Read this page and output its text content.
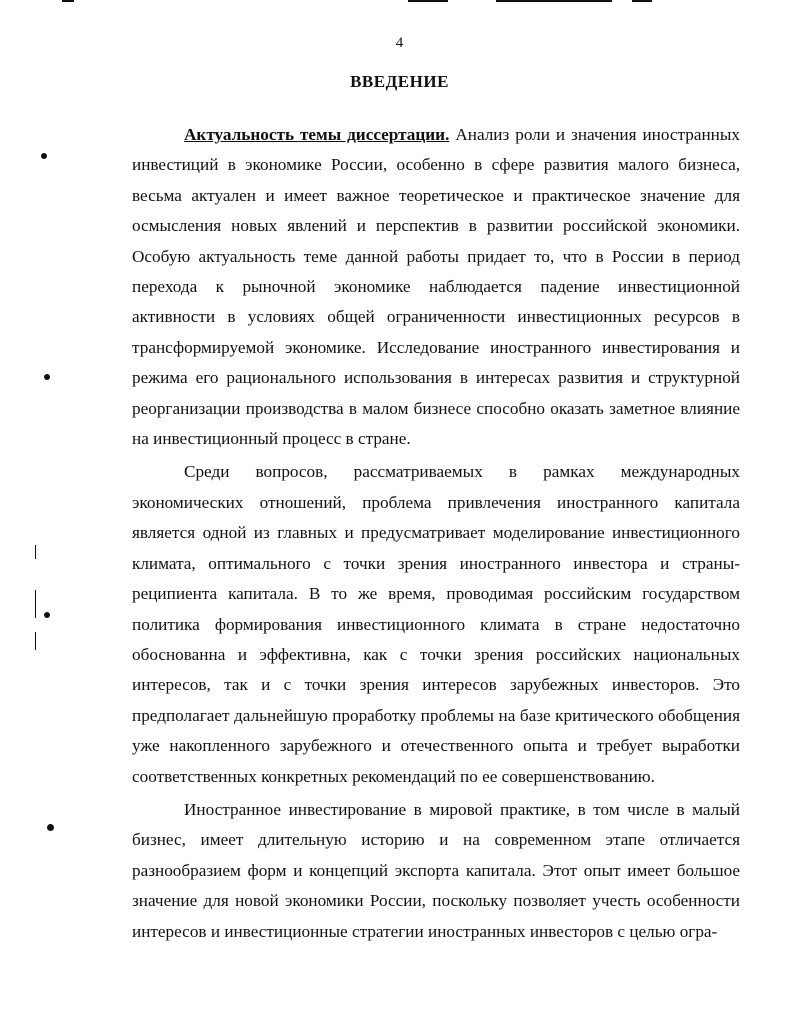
4
ВВЕДЕНИЕ

Актуальность темы диссертации. Анализ роли и значения иностранных инвестиций в экономике России, особенно в сфере развития малого бизнеса, весьма актуален и имеет важное теоретическое и практическое значение для осмысления новых явлений и перспектив в развитии российской экономики. Особую актуальность теме данной работы придает то, что в России в период перехода к рыночной экономике наблюдается падение инвестиционной активности в условиях общей ограниченности инвестиционных ресурсов в трансформируемой экономике. Исследование иностранного инвестирования и режима его рационального использования в интересах развития и структурной реорганизации производства в малом бизнесе способно оказать заметное влияние на инвестиционный процесс в стране.

Среди вопросов, рассматриваемых в рамках международных экономических отношений, проблема привлечения иностранного капитала является одной из главных и предусматривает моделирование инвестиционного климата, оптимального с точки зрения иностранного инвестора и страны-реципиента капитала. В то же время, проводимая российским государством политика формирования инвестиционного климата в стране недостаточно обоснованна и эффективна, как с точки зрения российских национальных интересов, так и с точки зрения интересов зарубежных инвесторов. Это предполагает дальнейшую проработку проблемы на базе критического обобщения уже накопленного зарубежного и отечественного опыта и требует выработки соответственных конкретных рекомендаций по ее совершенствованию.

Иностранное инвестирование в мировой практике, в том числе в малый бизнес, имеет длительную историю и на современном этапе отличается разнообразием форм и концепций экспорта капитала. Этот опыт имеет большое значение для новой экономики России, поскольку позволяет учесть особенности интересов и инвестиционные стратегии иностранных инвесторов с целью огра-
